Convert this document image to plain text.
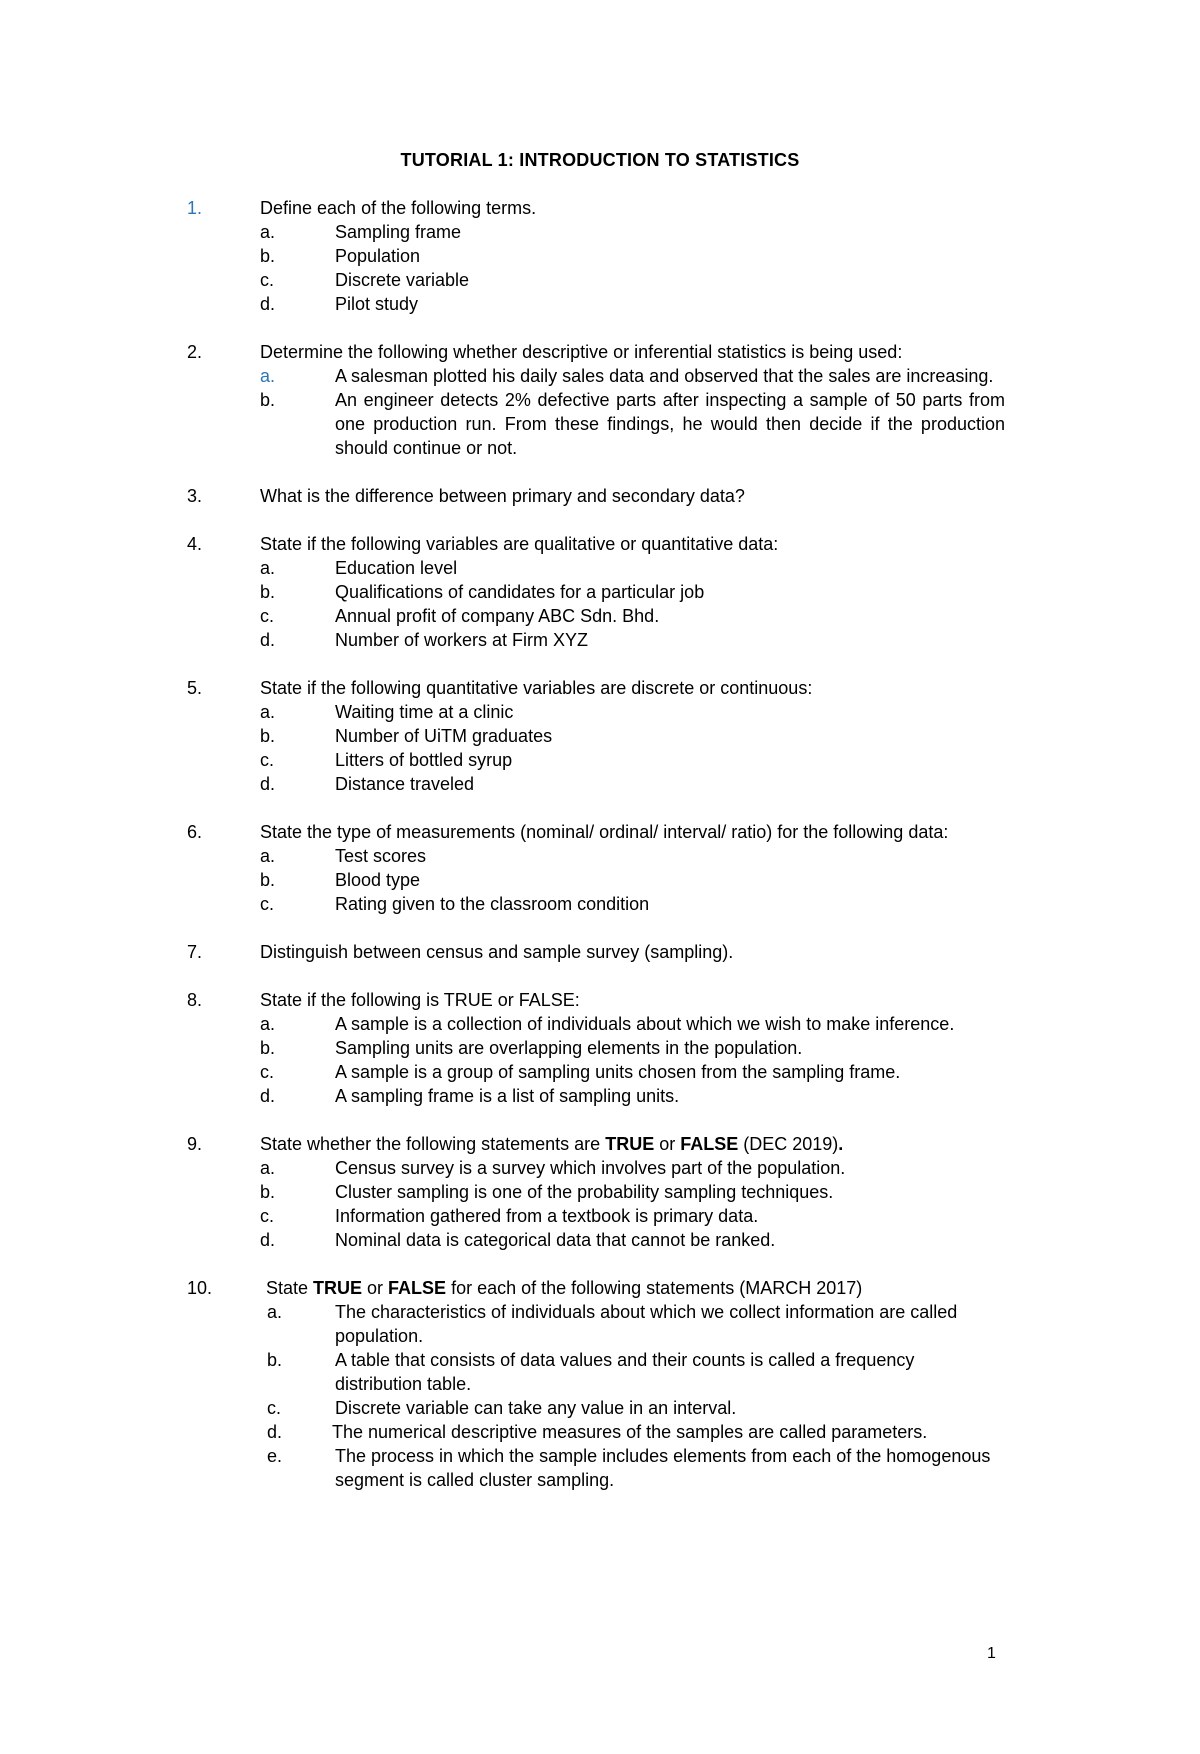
TUTORIAL 1: INTRODUCTION TO STATISTICS
1.	Define each of the following terms.
a.	Sampling frame
b.	Population
c.	Discrete variable
d.	Pilot study
2.	Determine the following whether descriptive or inferential statistics is being used:
a.	A salesman plotted his daily sales data and observed that the sales are increasing.
b.	An engineer detects 2% defective parts after inspecting a sample of 50 parts from one production run. From these findings, he would then decide if the production should continue or not.
3.	What is the difference between primary and secondary data?
4.	State if the following variables are qualitative or quantitative data:
a.	Education level
b.	Qualifications of candidates for a particular job
c.	Annual profit of company ABC Sdn. Bhd.
d.	Number of workers at Firm XYZ
5.	State if the following quantitative variables are discrete or continuous:
a.	Waiting time at a clinic
b.	Number of UiTM graduates
c.	Litters of bottled syrup
d.	Distance traveled
6.	State the type of measurements (nominal/ ordinal/ interval/ ratio) for the following data:
a.	Test scores
b.	Blood type
c.	Rating given to the classroom condition
7.	Distinguish between census and sample survey (sampling).
8.	State if the following is TRUE or FALSE:
a.	A sample is a collection of individuals about which we wish to make inference.
b.	Sampling units are overlapping elements in the population.
c.	A sample is a group of sampling units chosen from the sampling frame.
d.	A sampling frame is a list of sampling units.
9.	State whether the following statements are TRUE or FALSE (DEC 2019).
a.	Census survey is a survey which involves part of the population.
b.	Cluster sampling is one of the probability sampling techniques.
c.	Information gathered from a textbook is primary data.
d.	Nominal data is categorical data that cannot be ranked.
10.	State TRUE or FALSE for each of the following statements (MARCH 2017)
a.	The characteristics of individuals about which we collect information are called population.
b.	A table that consists of data values and their counts is called a frequency distribution table.
c.	Discrete variable can take any value in an interval.
d.	The numerical descriptive measures of the samples are called parameters.
e.	The process in which the sample includes elements from each of the homogenous segment is called cluster sampling.
1
